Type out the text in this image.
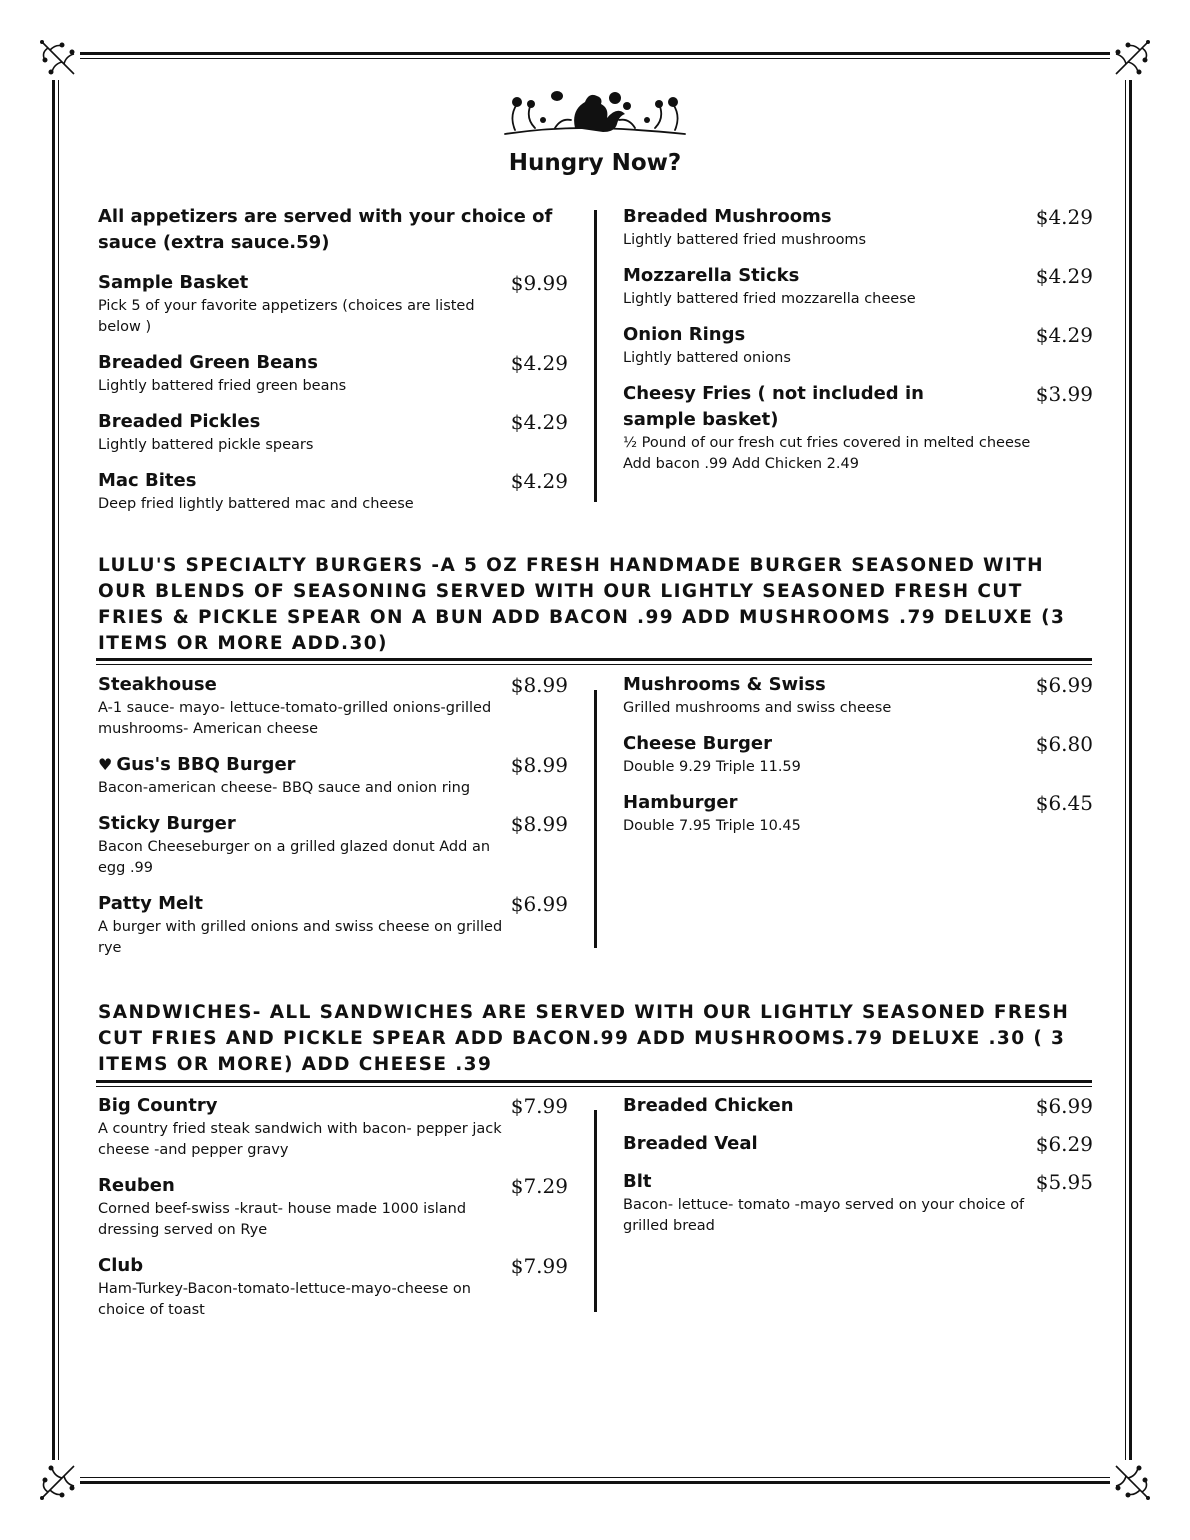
Hungry Now?
All appetizers are served with your choice of sauce (extra sauce.59)
Sample Basket	$9.99
Pick 5 of your favorite appetizers (choices are listed below )
Breaded Green Beans	$4.29
Lightly battered fried green beans
Breaded Pickles	$4.29
Lightly battered pickle spears
Mac Bites	$4.29
Deep fried lightly battered mac and cheese
Breaded Mushrooms	$4.29
Lightly battered fried mushrooms
Mozzarella Sticks	$4.29
Lightly battered fried mozzarella cheese
Onion Rings	$4.29
Lightly battered onions
Cheesy Fries ( not included in sample basket)
$3.99
½ Pound of our fresh cut fries covered in melted cheese Add bacon .99 Add Chicken 2.49
LULU'S SPECIALTY BURGERS -A 5 OZ FRESH HANDMADE BURGER SEASONED WITH OUR BLENDS OF SEASONING SERVED WITH OUR LIGHTLY SEASONED FRESH CUT FRIES & PICKLE SPEAR ON A BUN ADD BACON .99 ADD MUSHROOMS .79 DELUXE (3 ITEMS OR MORE ADD.30)
Steakhouse	$8.99
A-1 sauce- mayo- lettuce-tomato-grilled onions-grilled mushrooms- American cheese
♥ Gus's BBQ Burger	$8.99
Bacon-american cheese- BBQ sauce and onion ring
Sticky Burger	$8.99
Bacon Cheeseburger on a grilled glazed donut Add an egg .99
Patty Melt	$6.99
A burger with grilled onions and swiss cheese on grilled rye
Mushrooms & Swiss	$6.99
Grilled mushrooms and swiss cheese
Cheese Burger	$6.80
Double 9.29 Triple 11.59
Hamburger	$6.45
Double 7.95 Triple 10.45
SANDWICHES- ALL SANDWICHES ARE SERVED WITH OUR LIGHTLY SEASONED FRESH CUT FRIES AND PICKLE SPEAR ADD BACON.99 ADD MUSHROOMS.79 DELUXE .30 ( 3 ITEMS OR MORE) ADD CHEESE .39
Big Country	$7.99
A country fried steak sandwich with bacon- pepper jack cheese -and pepper gravy
Reuben	$7.29
Corned beef-swiss -kraut- house made 1000 island dressing served on Rye
Club	$7.99
Ham-Turkey-Bacon-tomato-lettuce-mayo-cheese on choice of toast
Breaded Chicken	$6.99
Breaded Veal	$6.29
Blt	$5.95
Bacon- lettuce- tomato -mayo served on your choice of grilled bread
